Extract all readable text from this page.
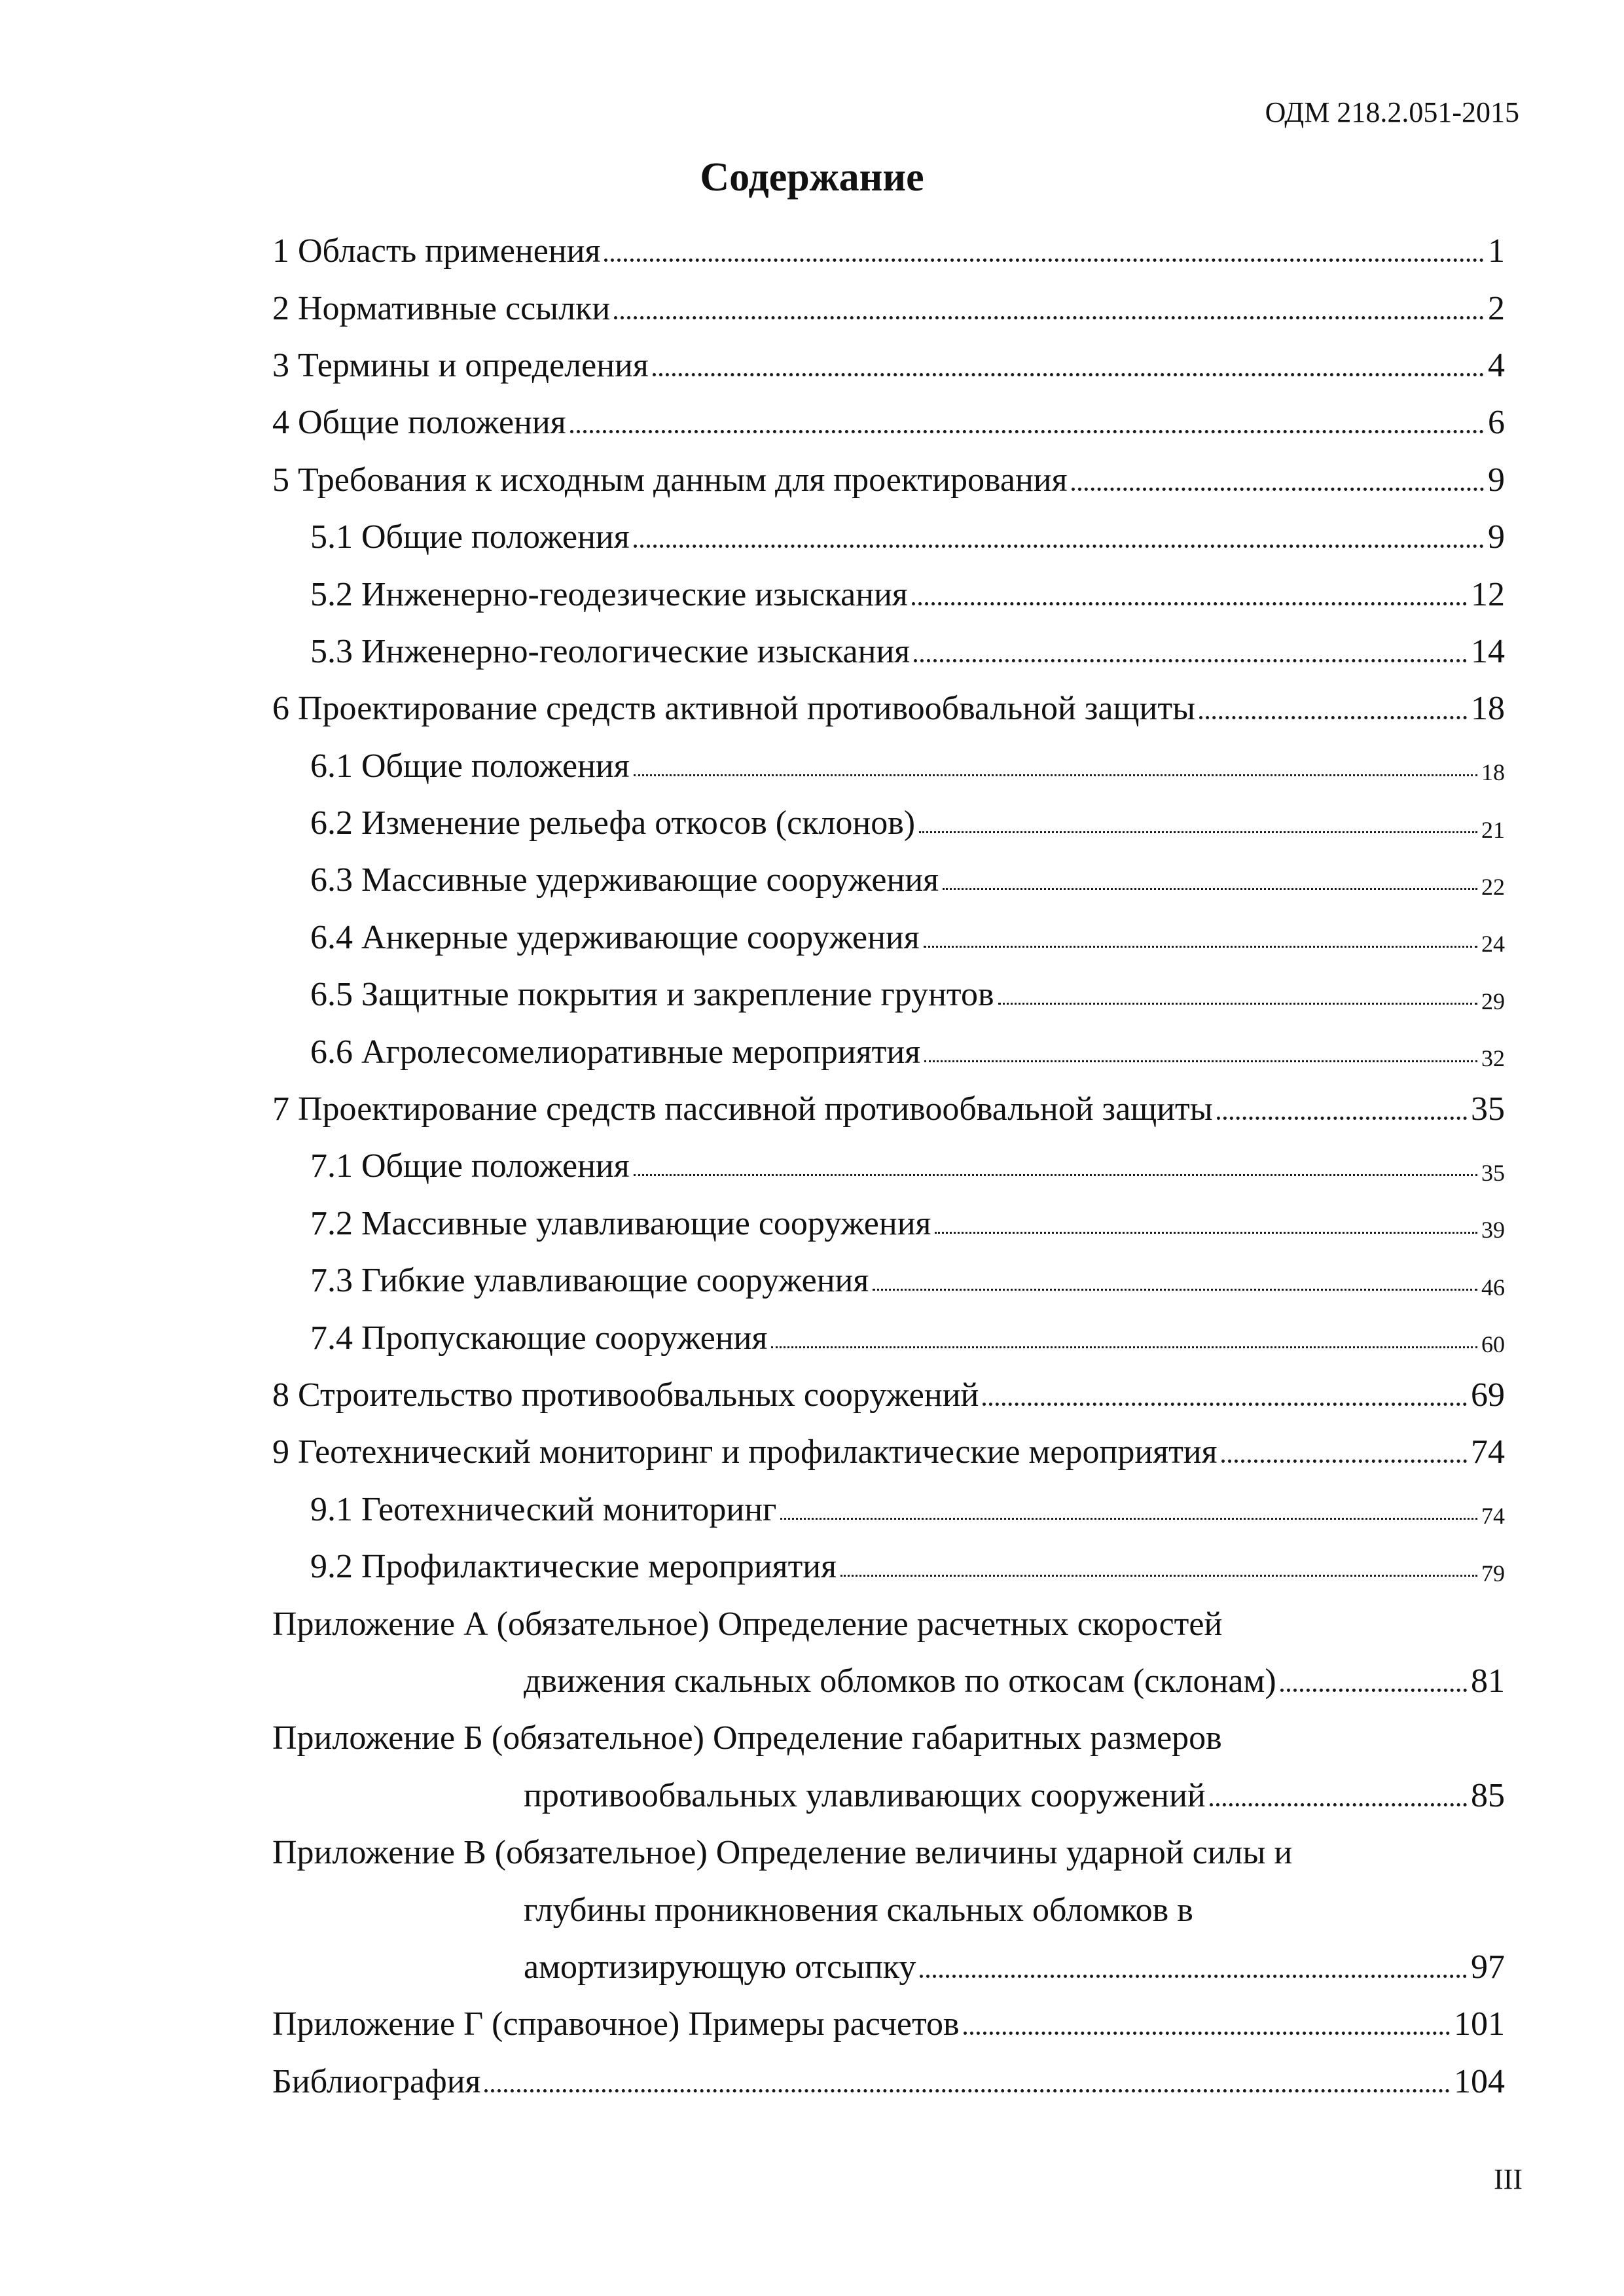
ОДМ 218.2.051-2015
Содержание
1 Область применения	1
2 Нормативные ссылки	2
3 Термины и определения	4
4 Общие положения	6
5 Требования к исходным данным для проектирования	9
5.1 Общие положения	9
5.2 Инженерно-геодезические изыскания	12
5.3 Инженерно-геологические изыскания	14
6 Проектирование средств активной противообвальной защиты	18
6.1 Общие положения	18
6.2 Изменение рельефа откосов (склонов)	21
6.3 Массивные удерживающие сооружения	22
6.4 Анкерные удерживающие сооружения	24
6.5 Защитные покрытия и закрепление грунтов	29
6.6 Агролесомелиоративные мероприятия	32
7 Проектирование средств пассивной противообвальной защиты	35
7.1 Общие положения	35
7.2 Массивные улавливающие сооружения	39
7.3 Гибкие улавливающие сооружения	46
7.4 Пропускающие сооружения	60
8 Строительство противообвальных сооружений	69
9 Геотехнический мониторинг и профилактические мероприятия	74
9.1 Геотехнический мониторинг	74
9.2 Профилактические мероприятия	79
Приложение А (обязательное) Определение расчетных скоростей
движения скальных обломков по откосам (склонам)	81
Приложение Б (обязательное) Определение габаритных размеров
противообвальных улавливающих сооружений	85
Приложение В (обязательное) Определение величины ударной силы и
глубины проникновения скальных обломков в
амортизирующую отсыпку	97
Приложение Г (справочное) Примеры расчетов	101
Библиография	104
III
